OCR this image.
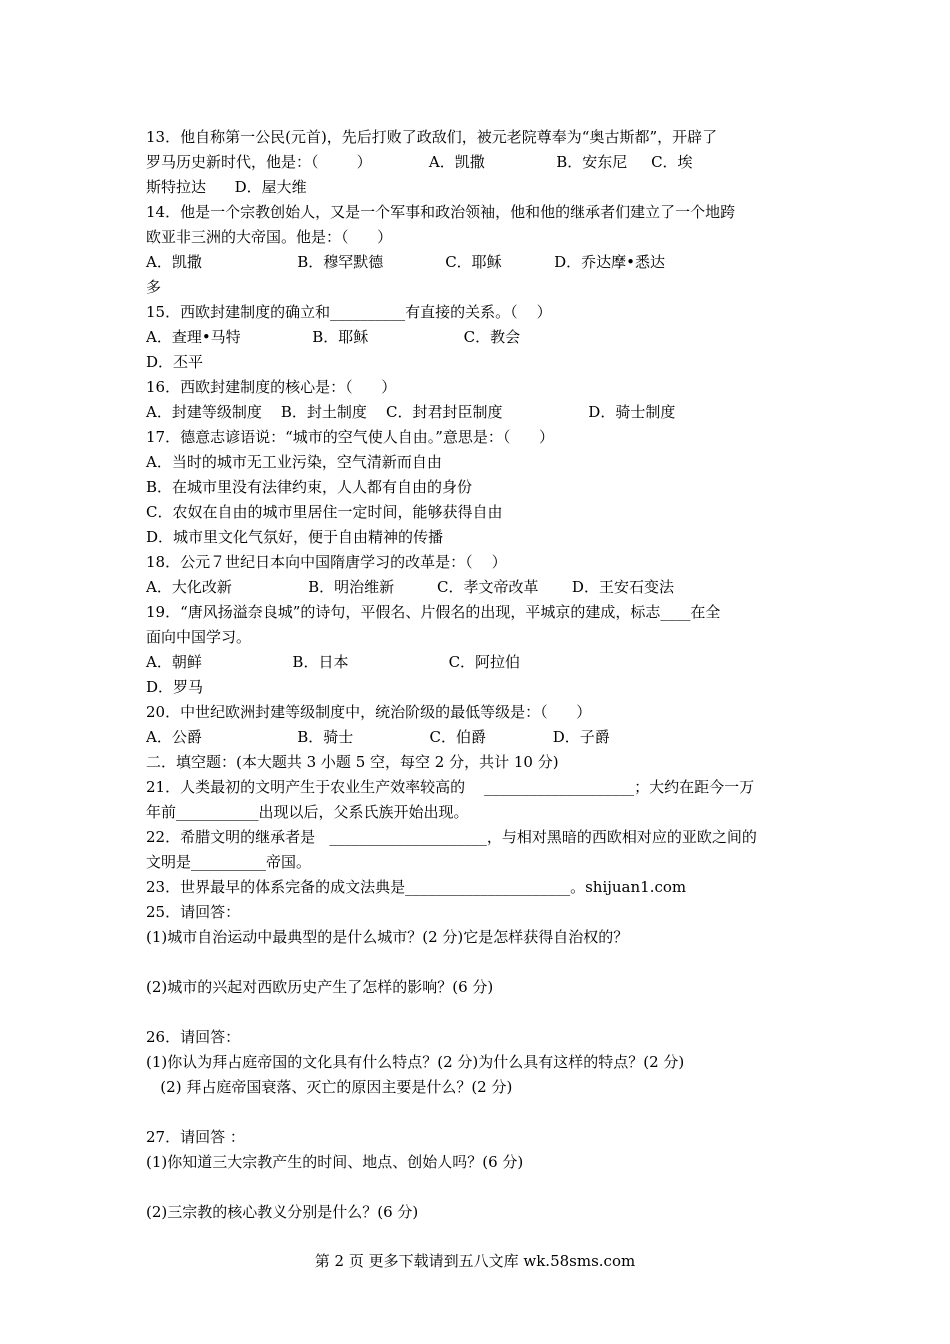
13．他自称第一公民(元首)，先后打败了政敌们，被元老院尊奉为“奥古斯都”，开辟了
罗马历史新时代，他是：（        ）            A．凯撒               B．安东尼     C．埃
斯特拉达      D．屋大维
14．他是一个宗教创始人，又是一个军事和政治领袖，他和他的继承者们建立了一个地跨
欧亚非三洲的大帝国。他是：（      ）
A．凯撒                    B．穆罕默德             C．耶稣           D．乔达摩•悉达
多
15．西欧封建制度的确立和__________有直接的关系。（    ）
A．查理•马特               B．耶稣                    C．教会
D．丕平
16．西欧封建制度的核心是：（      ）
A．封建等级制度    B．封土制度    C．封君封臣制度                  D．骑士制度
17．德意志谚语说：“城市的空气使人自由。”意思是：（      ）
A．当时的城市无工业污染，空气清新而自由
B．在城市里没有法律约束，人人都有自由的身份
C．农奴在自由的城市里居住一定时间，能够获得自由
D．城市里文化气氛好，便于自由精神的传播
18．公元７世纪日本向中国隋唐学习的改革是：（    ）
A．大化改新                B．明治维新         C．孝文帝改革       D．王安石变法
19．“唐风扬溢奈良城”的诗句，平假名、片假名的出现，平城京的建成，标志____在全
面向中国学习。
A．朝鲜                   B．日本                     C．阿拉伯
D．罗马
20．中世纪欧洲封建等级制度中，统治阶级的最低等级是：（      ）
A．公爵                    B．骑士                C．伯爵              D．子爵
二．填空题：(本大题共 3 小题 5 空，每空 2 分，共计 10 分)
21．人类最初的文明产生于农业生产效率较高的    ____________________；大约在距今一万
年前___________出现以后，父系氏族开始出现。
22．希腊文明的继承者是   _____________________，与相对黑暗的西欧相对应的亚欧之间的
文明是__________帝国。
23．世界最早的体系完备的成文法典是______________________。shijuan1.com
25．请回答：
(1)城市自治运动中最典型的是什么城市？(2 分)它是怎样获得自治权的？
(2)城市的兴起对西欧历史产生了怎样的影响？(6 分)
26．请回答：
(1)你认为拜占庭帝国的文化具有什么特点？(2 分)为什么具有这样的特点？(2 分)
(2) 拜占庭帝国衰落、灭亡的原因主要是什么？(2 分)
27．请回答 ：
(1)你知道三大宗教产生的时间、地点、创始人吗？(6 分)
(2)三宗教的核心教义分别是什么？(6 分)
第 2 页 更多下载请到五八文库 wk.58sms.com
